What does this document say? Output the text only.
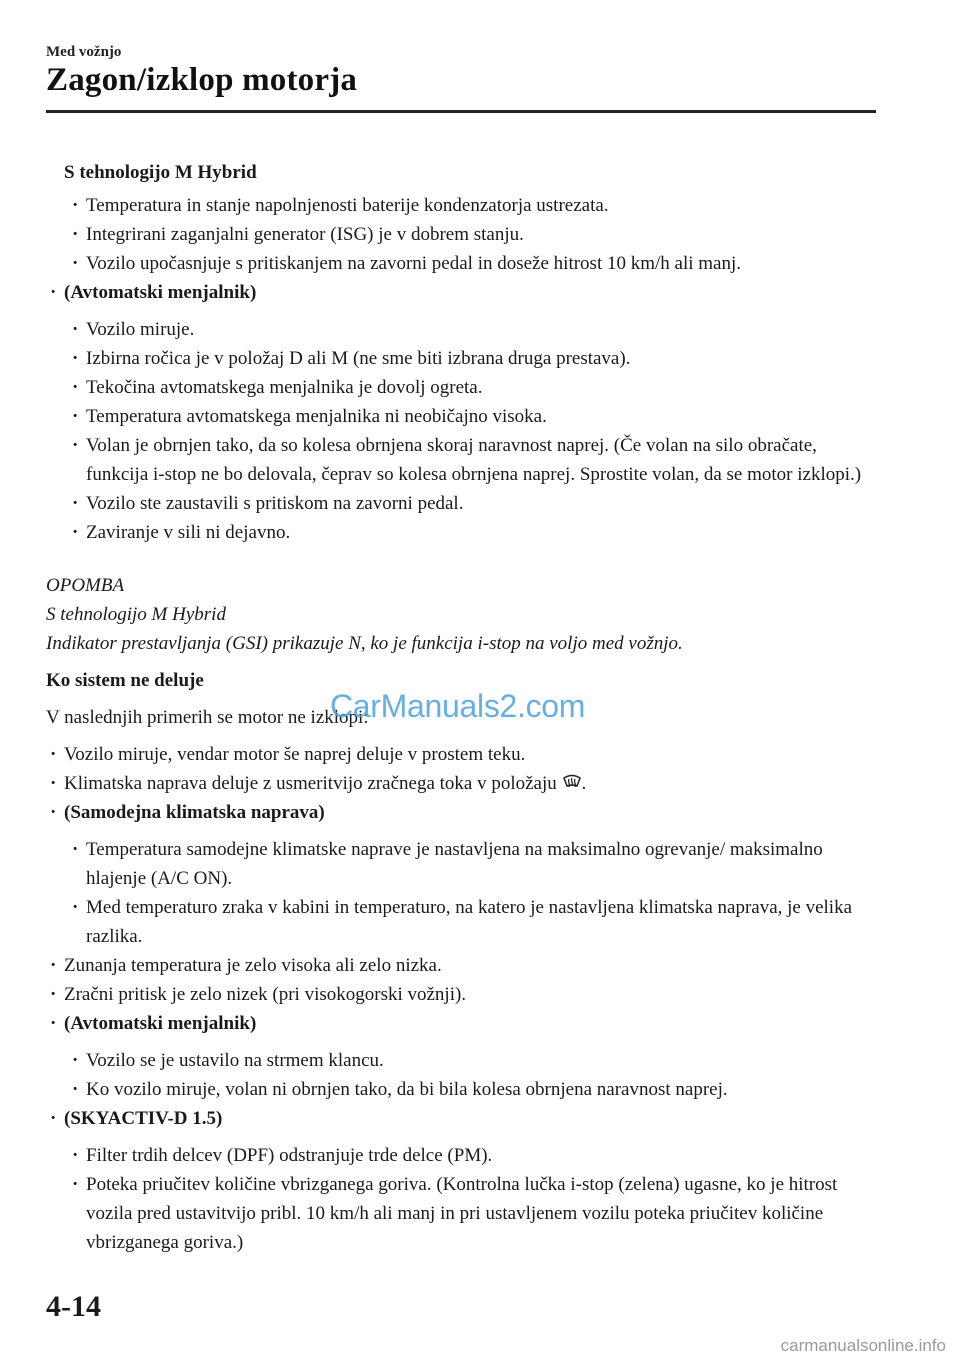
Med vožnjo
Zagon/izklop motorja
S tehnologijo M Hybrid
· Temperatura in stanje napolnjenosti baterije kondenzatorja ustrezata.
· Integrirani zaganjalni generator (ISG) je v dobrem stanju.
· Vozilo upočasnjuje s pritiskanjem na zavorni pedal in doseže hitrost 10 km/h ali manj.
· (Avtomatski menjalnik)
· Vozilo miruje.
· Izbirna ročica je v položaj D ali M (ne sme biti izbrana druga prestava).
· Tekočina avtomatskega menjalnika je dovolj ogreta.
· Temperatura avtomatskega menjalnika ni neobičajno visoka.
· Volan je obrnjen tako, da so kolesa obrnjena skoraj naravnost naprej. (Če volan na silo obračate, funkcija i-stop ne bo delovala, čeprav so kolesa obrnjena naprej. Sprostite volan, da se motor izklopi.)
· Vozilo ste zaustavili s pritiskom na zavorni pedal.
· Zaviranje v sili ni dejavno.
OPOMBA
S tehnologijo M Hybrid
Indikator prestavljanja (GSI) prikazuje N, ko je funkcija i-stop na voljo med vožnjo.
Ko sistem ne deluje
V naslednjih primerih se motor ne izklopi:
· Vozilo miruje, vendar motor še naprej deluje v prostem teku.
· Klimatska naprava deluje z usmeritvijo zračnega toka v položaju .
· (Samodejna klimatska naprava)
· Temperatura samodejne klimatske naprave je nastavljena na maksimalno ogrevanje/ maksimalno hlajenje (A/C ON).
· Med temperaturo zraka v kabini in temperaturo, na katero je nastavljena klimatska naprava, je velika razlika.
· Zunanja temperatura je zelo visoka ali zelo nizka.
· Zračni pritisk je zelo nizek (pri visokogorski vožnji).
· (Avtomatski menjalnik)
· Vozilo se je ustavilo na strmem klancu.
· Ko vozilo miruje, volan ni obrnjen tako, da bi bila kolesa obrnjena naravnost naprej.
· (SKYACTIV-D 1.5)
· Filter trdih delcev (DPF) odstranjuje trde delce (PM).
· Poteka priučitev količine vbrizganega goriva. (Kontrolna lučka i-stop (zelena) ugasne, ko je hitrost vozila pred ustavitvijo pribl. 10 km/h ali manj in pri ustavljenem vozilu poteka priučitev količine vbrizganega goriva.)
CarManuals2.com
4-14
carmanualsonline.info
